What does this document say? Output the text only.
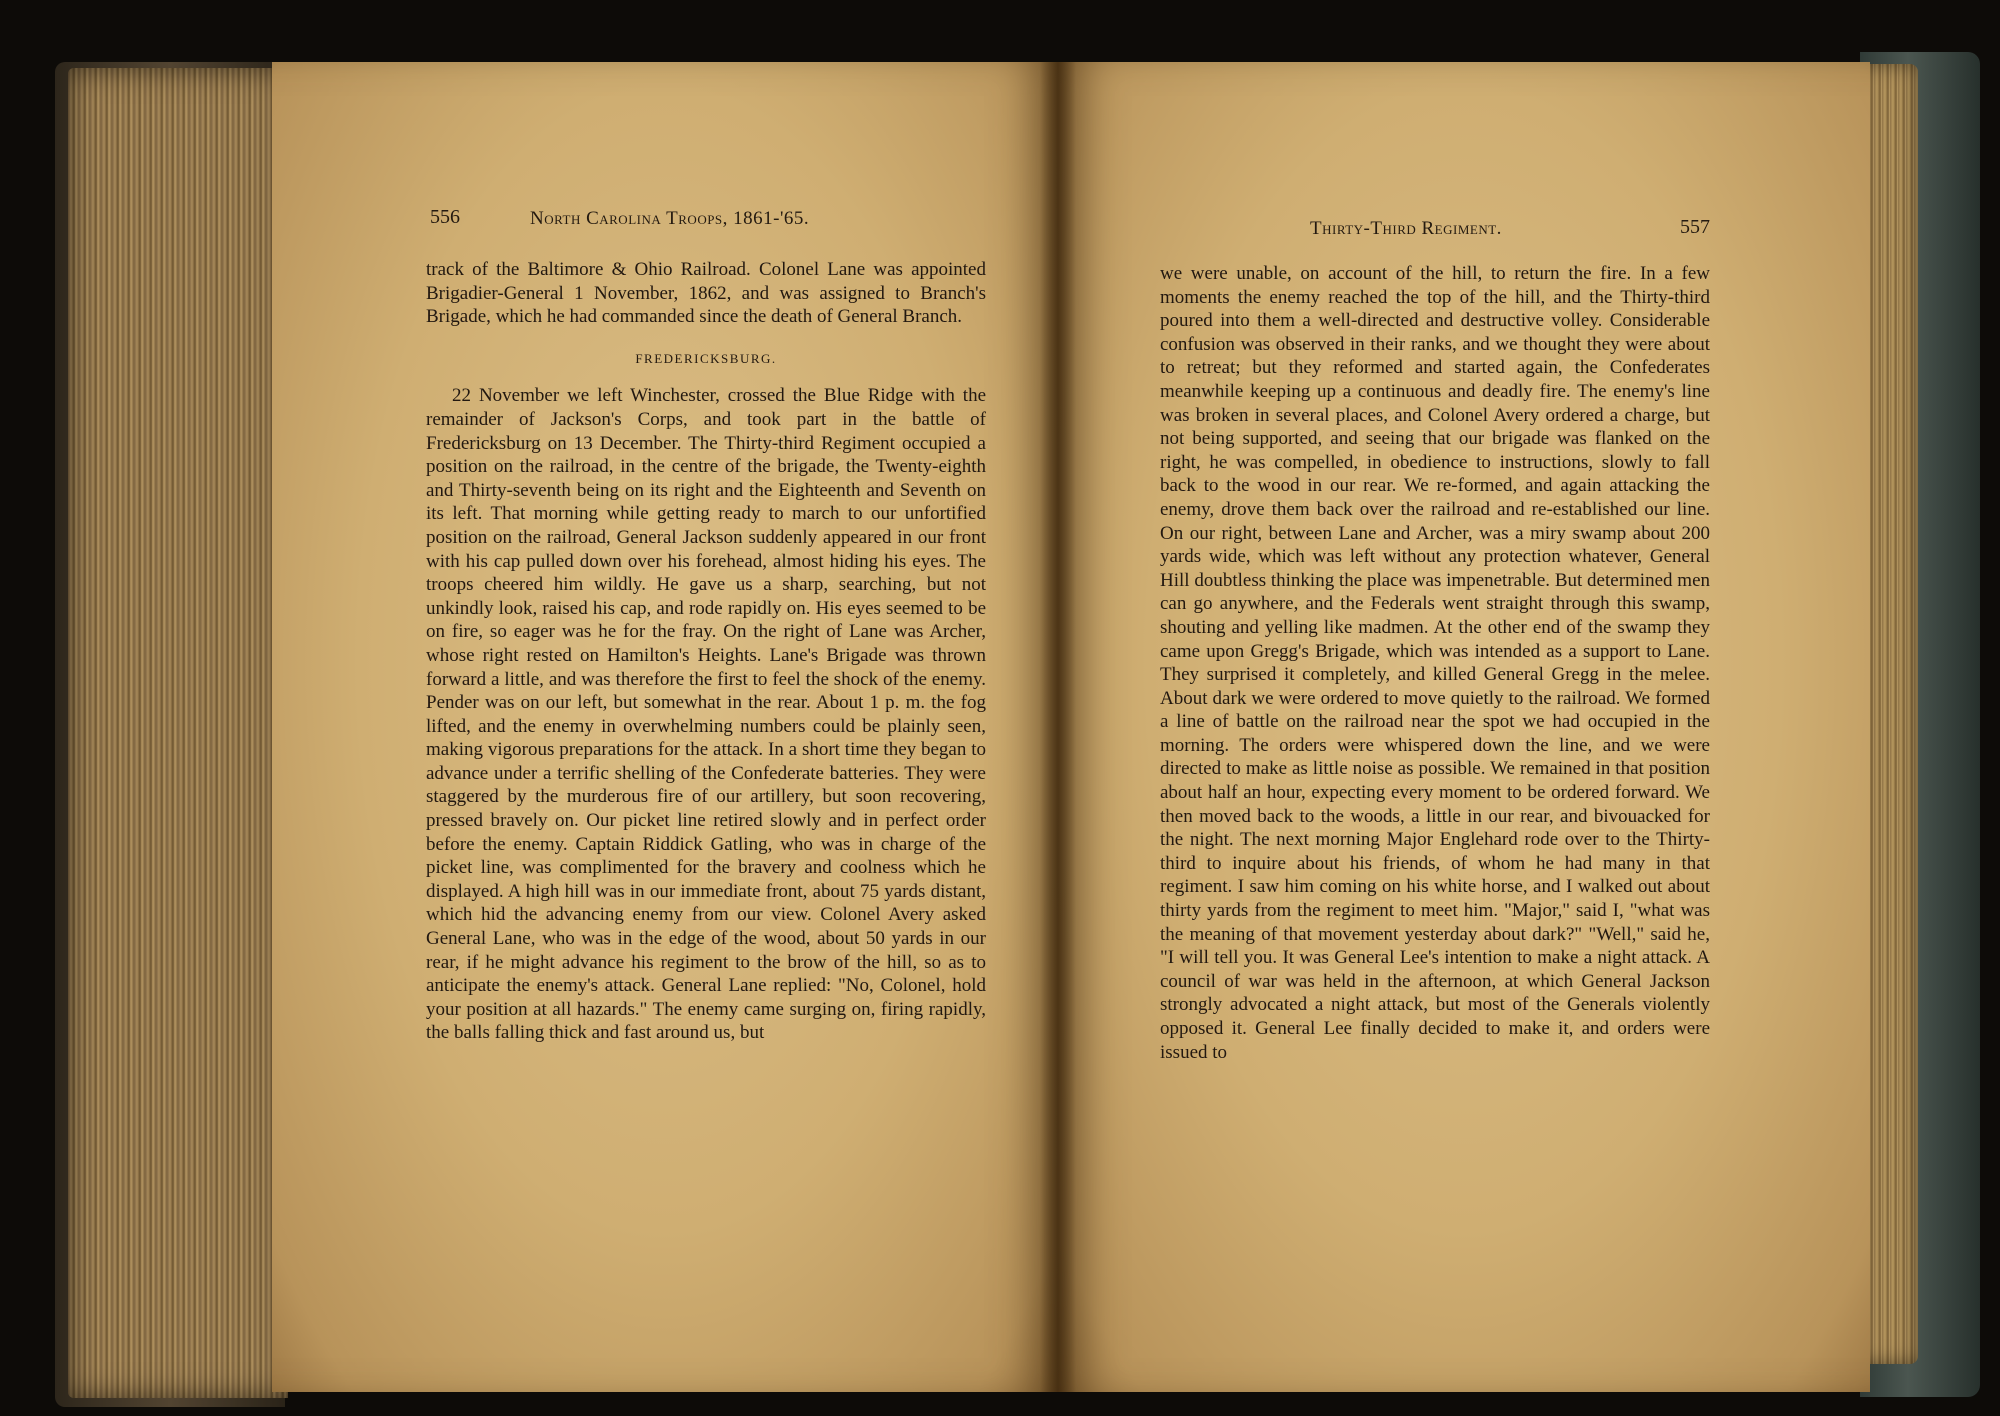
556	North Carolina Troops, 1861-'65.

track of the Baltimore & Ohio Railroad. Colonel Lane was appointed Brigadier-General 1 November, 1862, and was assigned to Branch's Brigade, which he had commanded since the death of General Branch.

FREDERICKSBURG.

22 November we left Winchester, crossed the Blue Ridge with the remainder of Jackson's Corps, and took part in the battle of Fredericksburg on 13 December. The Thirty-third Regiment occupied a position on the railroad, in the centre of the brigade, the Twenty-eighth and Thirty-seventh being on its right and the Eighteenth and Seventh on its left. That morning while getting ready to march to our unfortified position on the railroad, General Jackson suddenly appeared in our front with his cap pulled down over his forehead, almost hiding his eyes. The troops cheered him wildly. He gave us a sharp, searching, but not unkindly look, raised his cap, and rode rapidly on. His eyes seemed to be on fire, so eager was he for the fray. On the right of Lane was Archer, whose right rested on Hamilton's Heights. Lane's Brigade was thrown forward a little, and was therefore the first to feel the shock of the enemy. Pender was on our left, but somewhat in the rear. About 1 p. m. the fog lifted, and the enemy in overwhelming numbers could be plainly seen, making vigorous preparations for the attack. In a short time they began to advance under a terrific shelling of the Confederate batteries. They were staggered by the murderous fire of our artillery, but soon recovering, pressed bravely on. Our picket line retired slowly and in perfect order before the enemy. Captain Riddick Gatling, who was in charge of the picket line, was complimented for the bravery and coolness which he displayed. A high hill was in our immediate front, about 75 yards distant, which hid the advancing enemy from our view. Colonel Avery asked General Lane, who was in the edge of the wood, about 50 yards in our rear, if he might advance his regiment to the brow of the hill, so as to anticipate the enemy's attack. General Lane replied: "No, Colonel, hold your position at all hazards." The enemy came surging on, firing rapidly, the balls falling thick and fast around us, but

Thirty-Third Regiment.	557

we were unable, on account of the hill, to return the fire. In a few moments the enemy reached the top of the hill, and the Thirty-third poured into them a well-directed and destructive volley. Considerable confusion was observed in their ranks, and we thought they were about to retreat; but they reformed and started again, the Confederates meanwhile keeping up a continuous and deadly fire. The enemy's line was broken in several places, and Colonel Avery ordered a charge, but not being supported, and seeing that our brigade was flanked on the right, he was compelled, in obedience to instructions, slowly to fall back to the wood in our rear. We re-formed, and again attacking the enemy, drove them back over the railroad and re-established our line. On our right, between Lane and Archer, was a miry swamp about 200 yards wide, which was left without any protection whatever, General Hill doubtless thinking the place was impenetrable. But determined men can go anywhere, and the Federals went straight through this swamp, shouting and yelling like madmen. At the other end of the swamp they came upon Gregg's Brigade, which was intended as a support to Lane. They surprised it completely, and killed General Gregg in the melee. About dark we were ordered to move quietly to the railroad. We formed a line of battle on the railroad near the spot we had occupied in the morning. The orders were whispered down the line, and we were directed to make as little noise as possible. We remained in that position about half an hour, expecting every moment to be ordered forward. We then moved back to the woods, a little in our rear, and bivouacked for the night. The next morning Major Englehard rode over to the Thirty-third to inquire about his friends, of whom he had many in that regiment. I saw him coming on his white horse, and I walked out about thirty yards from the regiment to meet him. "Major," said I, "what was the meaning of that movement yesterday about dark?" "Well," said he, "I will tell you. It was General Lee's intention to make a night attack. A council of war was held in the afternoon, at which General Jackson strongly advocated a night attack, but most of the Generals violently opposed it. General Lee finally decided to make it, and orders were issued to
